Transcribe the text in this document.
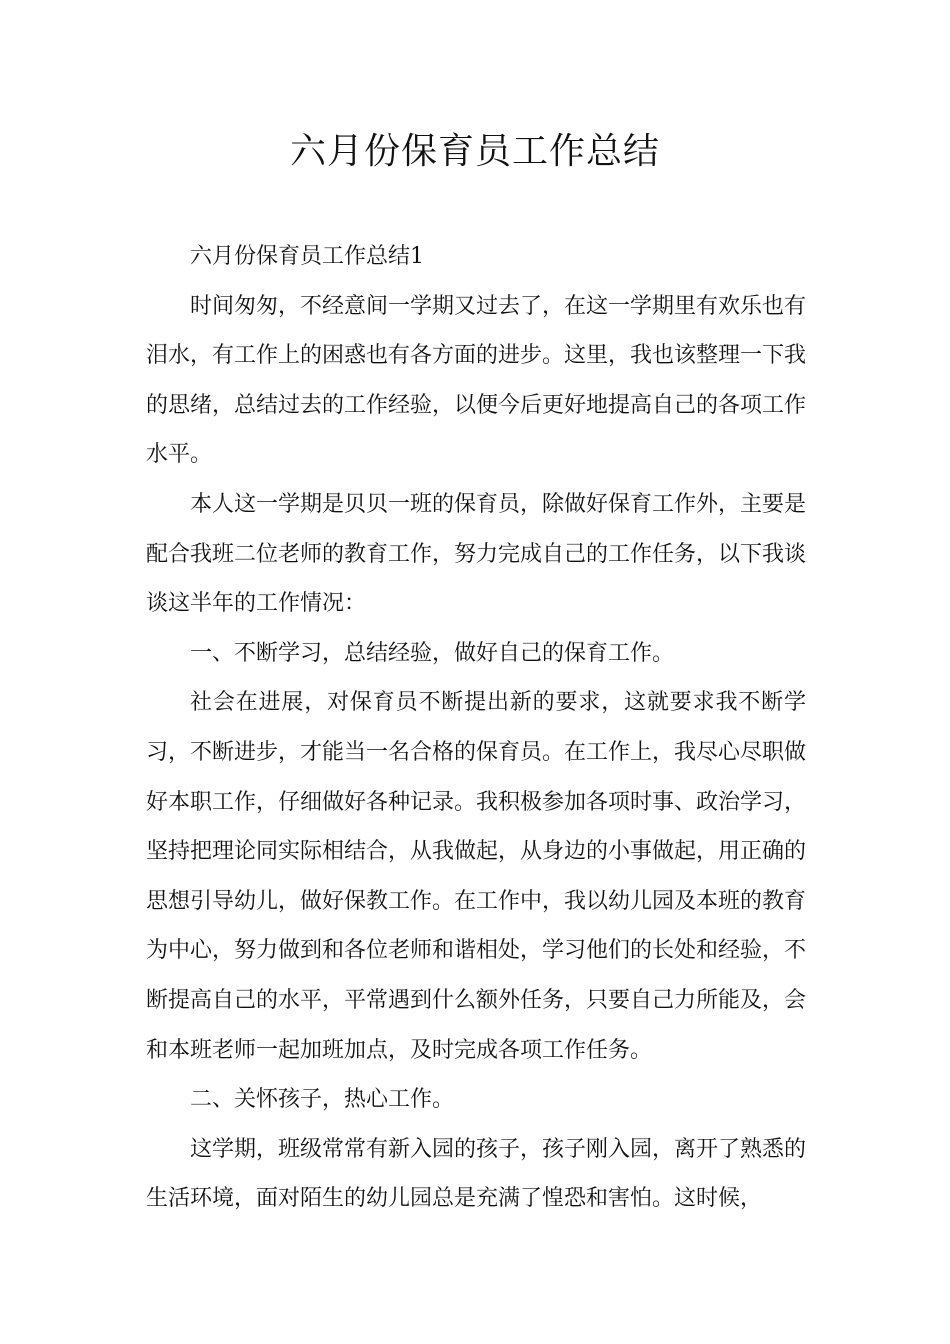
六月份保育员工作总结

六月份保育员工作总结1

时间匆匆，不经意间一学期又过去了，在这一学期里有欢乐也有泪水，有工作上的困惑也有各方面的进步。这里，我也该整理一下我的思绪，总结过去的工作经验，以便今后更好地提高自己的各项工作水平。

本人这一学期是贝贝一班的保育员，除做好保育工作外，主要是配合我班二位老师的教育工作，努力完成自己的工作任务，以下我谈谈这半年的工作情况：

一、不断学习，总结经验，做好自己的保育工作。

社会在进展，对保育员不断提出新的要求，这就要求我不断学习，不断进步，才能当一名合格的保育员。在工作上，我尽心尽职做好本职工作，仔细做好各种记录。我积极参加各项时事、政治学习，坚持把理论同实际相结合，从我做起，从身边的小事做起，用正确的思想引导幼儿，做好保教工作。在工作中，我以幼儿园及本班的教育为中心，努力做到和各位老师和谐相处，学习他们的长处和经验，不断提高自己的水平，平常遇到什么额外任务，只要自己力所能及，会和本班老师一起加班加点，及时完成各项工作任务。

二、关怀孩子，热心工作。

这学期，班级常常有新入园的孩子，孩子刚入园，离开了熟悉的生活环境，面对陌生的幼儿园总是充满了惶恐和害怕。这时候，
